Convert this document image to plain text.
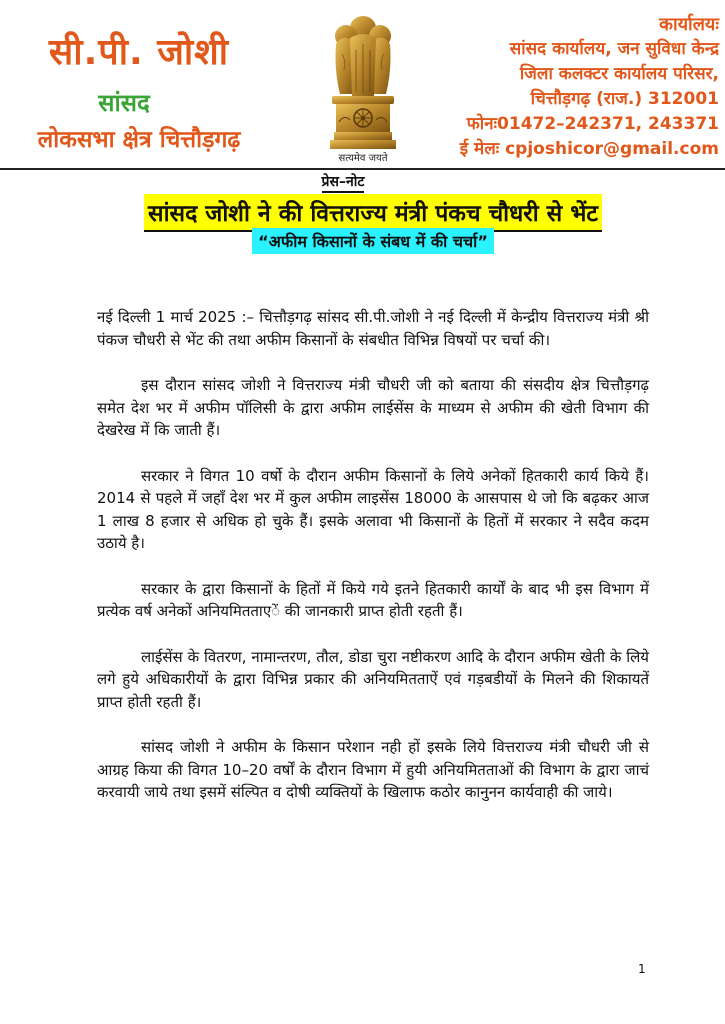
सी.पी. जोशी
सांसद
लोकसभा क्षेत्र चित्तौड़गढ़
सत्यमेव जयते
कार्यालयः
सांसद कार्यालय, जन सुविधा केन्द्र
जिला कलक्टर कार्यालय परिसर,
चित्तौड़गढ़ (राज.) 312001
फोनः01472–242371, 243371
ई मेलः cpjoshicor@gmail.com
प्रेस–नोट
सांसद जोशी ने की वित्तराज्य मंत्री पंकच चौधरी से भेंट
“अफीम किसानों के संबध में की चर्चा”

नई दिल्ली 1 मार्च 2025 :– चित्तौड़गढ़ सांसद सी.पी.जोशी ने नई दिल्ली में केन्द्रीय वित्तराज्य मंत्री श्री पंकज चौधरी से भेंट की तथा अफीम किसानों के संबधीत विभिन्न विषयों पर चर्चा की।

इस दौरान सांसद जोशी ने वित्तराज्य मंत्री चौधरी जी को बताया की संसदीय क्षेत्र चित्तौड़गढ़ समेत देश भर में अफीम पॉलिसी के द्वारा अफीम लाईसेंस के माध्यम से अफीम की खेती विभाग की देखरेख में कि जाती हैं।

सरकार ने विगत 10 वर्षो के दौरान अफीम किसानों के लिये अनेकों हितकारी कार्य किये हैं। 2014 से पहले में जहाँ देश भर में कुल अफीम लाइसेंस 18000 के आसपास थे जो कि बढ़कर आज 1 लाख 8 हजार से अधिक हो चुके हैं। इसके अलावा भी किसानों के हितों में सरकार ने सदैव कदम उठाये है।

सरकार के द्वारा किसानों के हितों में किये गये इतने हितकारी कार्यों के बाद भी इस विभाग में प्रत्येक वर्ष अनेकों अनियमितताएें की जानकारी प्राप्त होती रहती हैं।

लाईसेंस के वितरण, नामान्तरण, तौल, डोडा चुरा नष्टीकरण आदि के दौरान अफीम खेती के लिये लगे हुये अधिकारीयों के द्वारा विभिन्न प्रकार की अनियमितताऐं एवं गड़बडीयों के मिलने की शिकायतें प्राप्त होती रहती हैं।

सांसद जोशी ने अफीम के किसान परेशान नही हों इसके लिये वित्तराज्य मंत्री चौधरी जी से आग्रह किया की विगत 10–20 वर्षों के दौरान विभाग में हुयी अनियमितताओं की विभाग के द्वारा जाचं करवायी जाये तथा इसमें संल्पित व दोषी व्यक्तियों के खिलाफ कठोर कानुनन कार्यवाही की जाये।

1
